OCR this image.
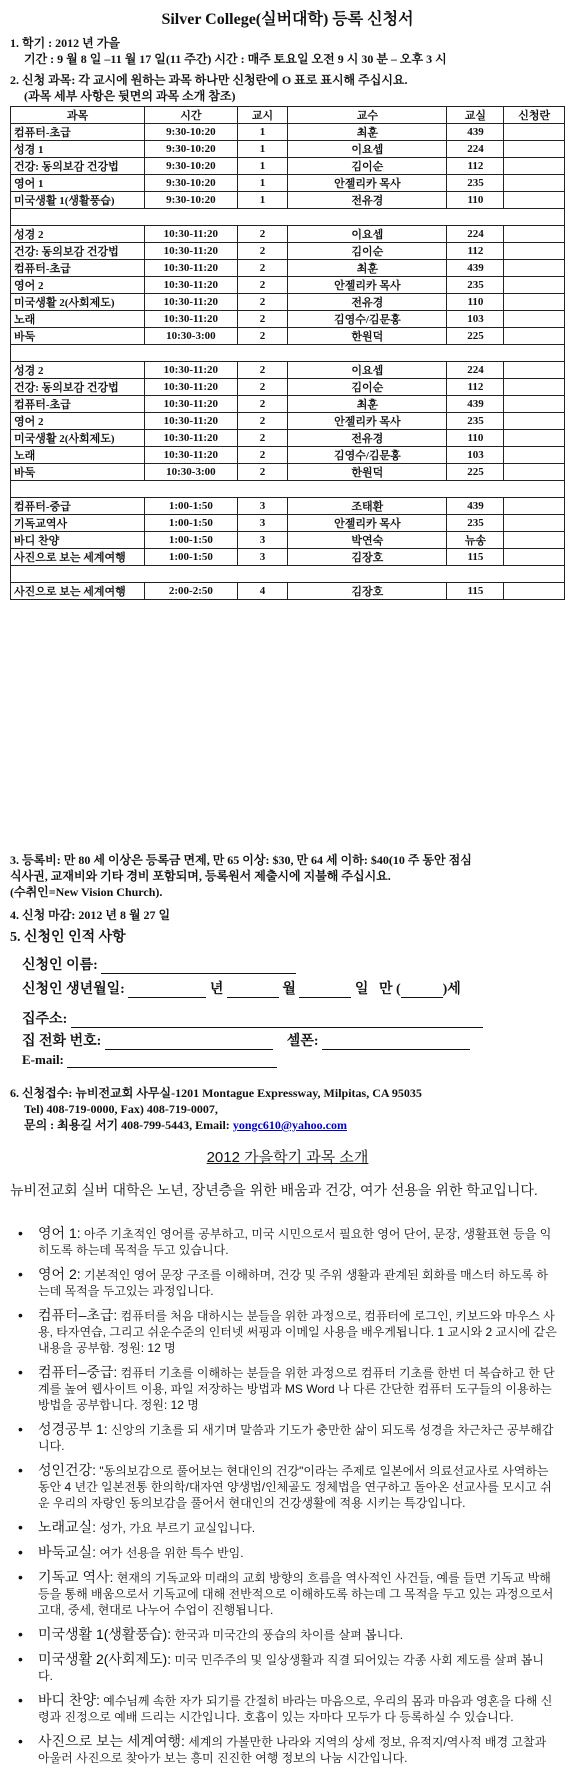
Silver College(실버대학) 등록 신청서
1. 학기 : 2012 년 가을
기간 : 9 월 8 일 –11 월 17 일(11 주간) 시간 : 매주 토요일 오전 9 시 30 분 – 오후 3 시
2. 신청 과목: 각 교시에 원하는 과목 하나만 신청란에 O 표로 표시해 주십시요.
(과목 세부 사항은 뒷면의 과목 소개 참조)
과목	시간	교시	교수	교실	신청란
컴퓨터-초급	9:30-10:20	1	최훈	439	
성경 1	9:30-10:20	1	이요셉	224	
건강: 동의보감 건강법	9:30-10:20	1	김이순	112	
영어 1	9:30-10:20	1	안젤리카 목사	235	
미국생활 1(생활풍습)	9:30-10:20	1	전유경	110	

성경 2	10:30-11:20	2	이요셉	224	
건강: 동의보감 건강법	10:30-11:20	2	김이순	112	
컴퓨터-초급	10:30-11:20	2	최훈	439	
영어 2	10:30-11:20	2	안젤리카 목사	235	
미국생활 2(사회제도)	10:30-11:20	2	전유경	110	
노래	10:30-11:20	2	김영수/김문홍	103	
바둑	10:30-3:00	2	한원덕	225	

성경 2	10:30-11:20	2	이요셉	224	
건강: 동의보감 건강법	10:30-11:20	2	김이순	112	
컴퓨터-초급	10:30-11:20	2	최훈	439	
영어 2	10:30-11:20	2	안젤리카 목사	235	
미국생활 2(사회제도)	10:30-11:20	2	전유경	110	
노래	10:30-11:20	2	김영수/김문홍	103	
바둑	10:30-3:00	2	한원덕	225	

컴퓨터-중급	1:00-1:50	3	조태환	439	
기독교역사	1:00-1:50	3	안젤리카 목사	235	
바디 찬양	1:00-1:50	3	박연숙	뉴송	
사진으로 보는 세계여행	1:00-1:50	3	김장호	115	

사진으로 보는 세계여행	2:00-2:50	4	김장호	115	
3. 등록비: 만 80 세 이상은 등록금 면제, 만 65 이상: $30, 만 64 세 이하: $40(10 주 동안 점심
식사권, 교재비와 기타 경비 포함되며, 등록원서 제출시에 지불해 주십시요.
(수취인=New Vision Church).
4. 신청 마감: 2012 년 8 월 27 일
5. 신청인 인적 사항
신청인 이름:
신청인 생년월일:	년	월	일 만 (	)세
집주소:
집 전화 번호:	셀폰:
E-mail:
6. 신청접수: 뉴비전교회 사무실-1201 Montague Expressway, Milpitas, CA 95035
Tel) 408-719-0000, Fax) 408-719-0007,
문의 : 최용길 서기 408-799-5443, Email: yongc610@yahoo.com
2012 가을학기 과목 소개
뉴비전교회 실버 대학은 노년, 장년층을 위한 배움과 건강, 여가 선용을 위한 학교입니다.
• 영어 1: 아주 기초적인 영어를 공부하고, 미국 시민으로서 필요한 영어 단어, 문장, 생활표현 등을 익히도록 하는데 목적을 두고 있습니다.
• 영어 2: 기본적인 영어 문장 구조를 이해하며, 건강 및 주위 생활과 관계된 회화를 매스터 하도록 하는데 목적을 두고있는 과정입니다.
• 컴퓨터–초급: 컴퓨터를 처음 대하시는 분들을 위한 과정으로, 컴퓨터에 로그인, 키보드와 마우스 사용, 타자연습, 그리고 쉬운수준의 인터넷 써핑과 이메일 사용을 배우게됩니다. 1 교시와 2 교시에 같은 내용을 공부함. 정원: 12 명
• 컴퓨터–중급: 컴퓨터 기초를 이해하는 분들을 위한 과정으로 컴퓨터 기초를 한번 더 복습하고 한 단계를 높여 웹사이트 이용, 파일 저장하는 방법과 MS Word 나 다른 간단한 컴퓨터 도구들의 이용하는방법을 공부합니다. 정원: 12 명
• 성경공부 1: 신앙의 기초를 되 새기며 말씀과 기도가 충만한 삶이 되도록 성경을 차근차근 공부해갑니다.
• 성인건강: "동의보감으로 풀어보는 현대인의 건강"이라는 주제로 일본에서 의료선교사로 사역하는동안 4 년간 일본전통 한의학/대자연 양생법/인체골도 정체법을 연구하고 돌아온 선교사를 모시고 쉬운 우리의 자랑인 동의보감을 풀어서 현대인의 건강생활에 적용 시키는 특강입니다.
• 노래교실: 성가, 가요 부르기 교실입니다.
• 바둑교실: 여가 선용을 위한 특수 반임.
• 기독교 역사: 현재의 기독교와 미래의 교회 방향의 흐름을 역사적인 사건들, 예를 들면 기독교 박해 등을 통해 배움으로서 기독교에 대해 전반적으로 이해하도록 하는데 그 목적을 두고 있는 과정으로서 고대, 중세, 현대로 나누어 수업이 진행됩니다.
• 미국생활 1(생활풍습): 한국과 미국간의 풍습의 차이를 살펴 봅니다.
• 미국생활 2(사회제도): 미국 민주주의 및 일상생활과 직결 되어있는 각종 사회 제도를 살펴 봅니다.
• 바디 찬양: 예수님께 속한 자가 되기를 간절히 바라는 마음으로, 우리의 몸과 마음과 영혼을 다해 신령과 진정으로 예배 드리는 시간입니다. 호흡이 있는 자마다 모두가 다 등록하실 수 있습니다.
• 사진으로 보는 세계여행: 세계의 가볼만한 나라와 지역의 상세 정보, 유적지/역사적 배경 고찰과 아울러 사진으로 찾아가 보는 흥미 진진한 여행 정보의 나눔 시간입니다.
